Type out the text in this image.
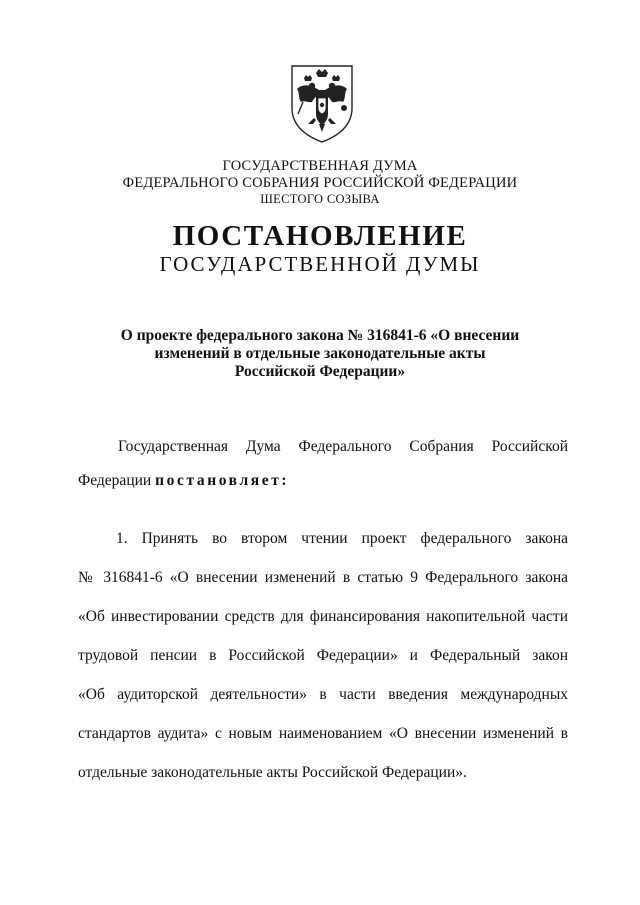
ГОСУДАРСТВЕННАЯ ДУМА
ФЕДЕРАЛЬНОГО СОБРАНИЯ РОССИЙСКОЙ ФЕДЕРАЦИИ
ШЕСТОГО СОЗЫВА
ПОСТАНОВЛЕНИЕ
ГОСУДАРСТВЕННОЙ ДУМЫ
О проекте федерального закона № 316841-6 «О внесении
изменений в отдельные законодательные акты
Российской Федерации»
Государственная Дума Федерального Собрания Российской
Федерации постановляет:
1. Принять во втором чтении проект федерального закона
№ 316841-6 «О внесении изменений в статью 9 Федерального закона
«Об инвестировании средств для финансирования накопительной части
трудовой пенсии в Российской Федерации» и Федеральный закон
«Об аудиторской деятельности» в части введения международных
стандартов аудита» с новым наименованием «О внесении изменений в
отдельные законодательные акты Российской Федерации».
